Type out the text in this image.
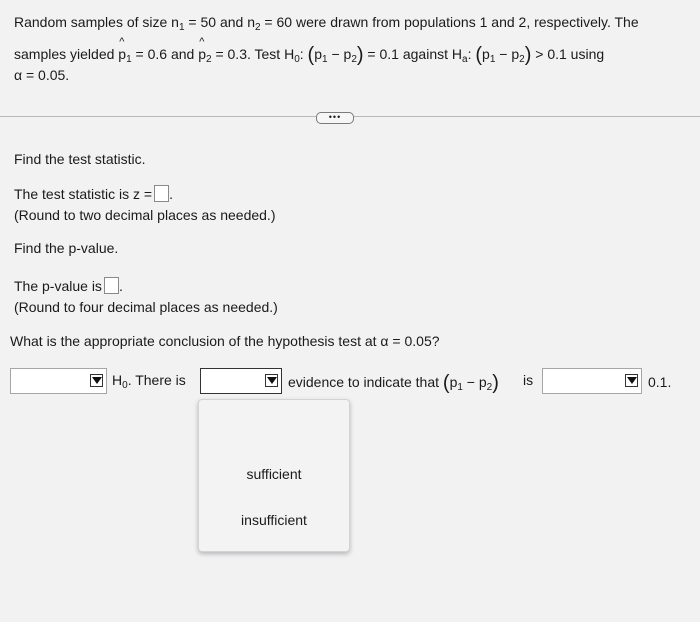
Random samples of size $n_1 = 50$ and $n_2 = 60$ were drawn from populations 1 and 2, respectively. The
samples yielded ^ $p_1 = 0.6$ and ^ $p_2 = 0.3$. Test $H_0$: $(p_1 - p_2) = 0.1$ against $H_a$: $(p_1 - p_2) > 0.1$ using
α = 0.05.
•••
Find the test statistic.
The test statistic is z = .
(Round to two decimal places as needed.)
Find the p-value.
The p-value is .
(Round to four decimal places as needed.)
What is the appropriate conclusion of the hypothesis test at α = 0.05?
$H_0$. There is	evidence to indicate that $(p_1 - p_2)$ is	0.1.
sufficient
insufficient
